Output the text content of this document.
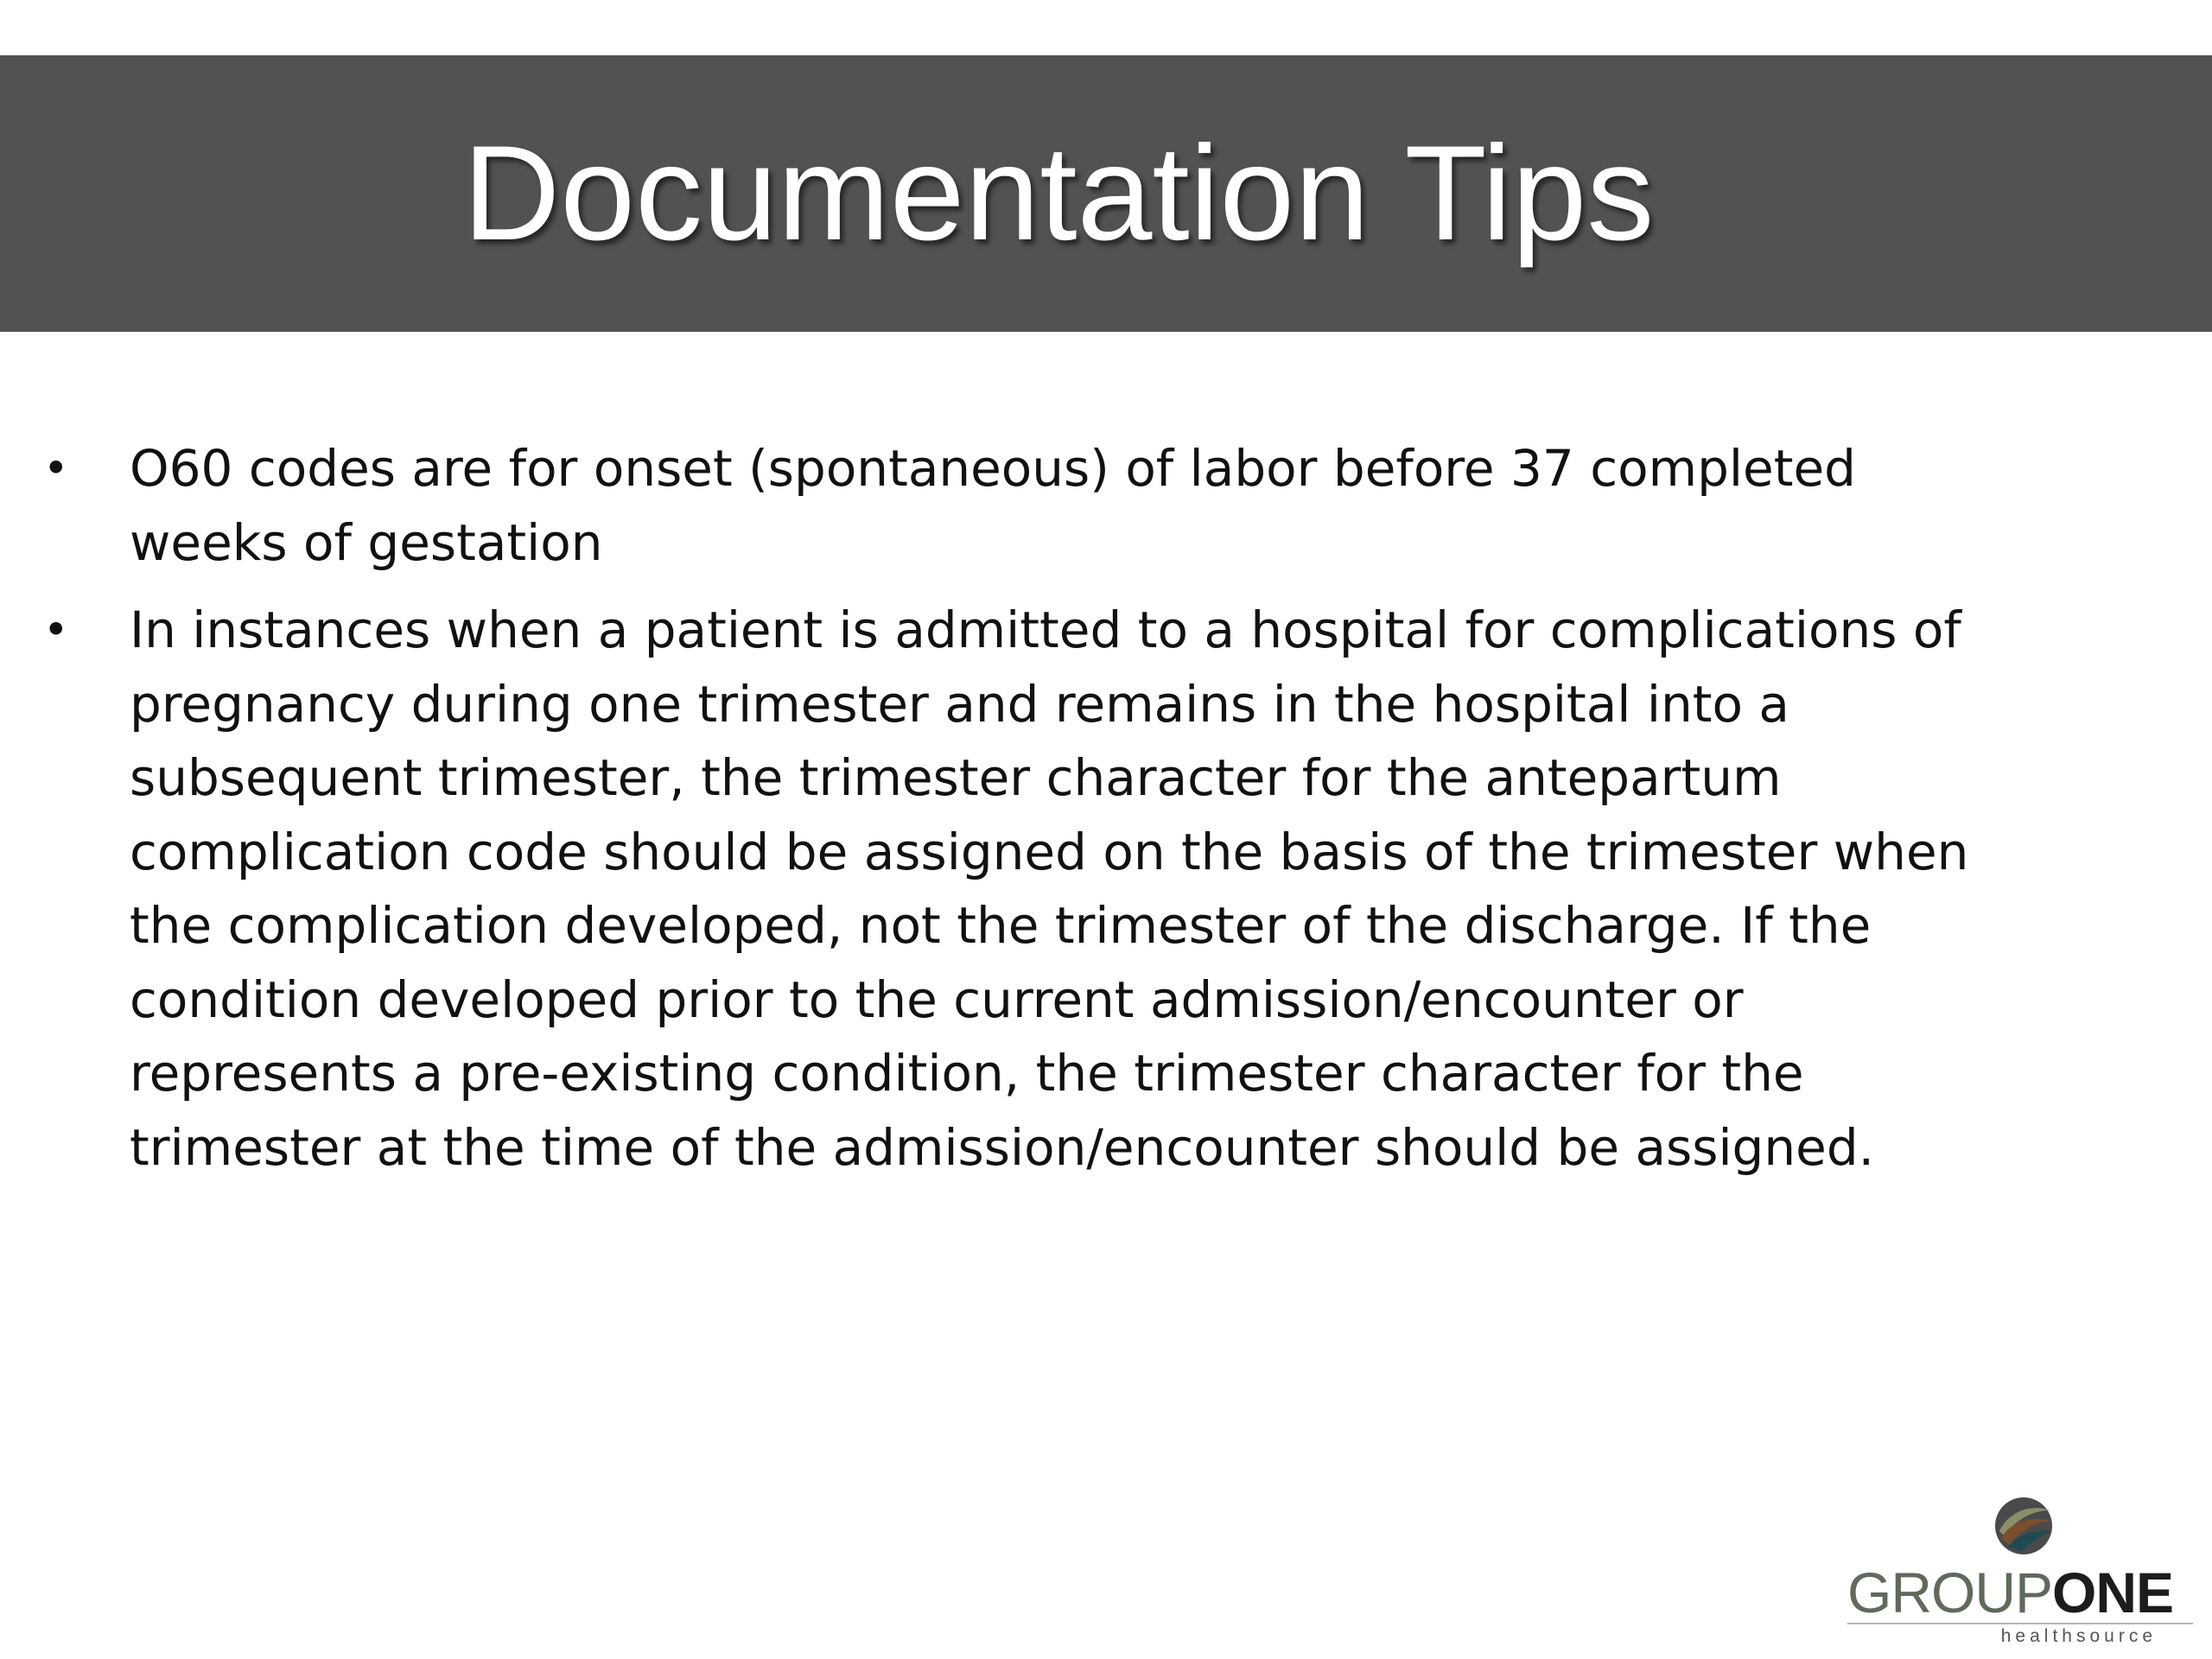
Documentation Tips
• O60 codes are for onset (spontaneous) of labor before 37 completed
weeks of gestation
• In instances when a patient is admitted to a hospital for complications of
pregnancy during one trimester and remains in the hospital into a
subsequent trimester, the trimester character for the antepartum
complication code should be assigned on the basis of the trimester when
the complication developed, not the trimester of the discharge. If the
condition developed prior to the current admission/encounter or
represents a pre-existing condition, the trimester character for the
trimester at the time of the admission/encounter should be assigned.
GROUPONE
healthsource
